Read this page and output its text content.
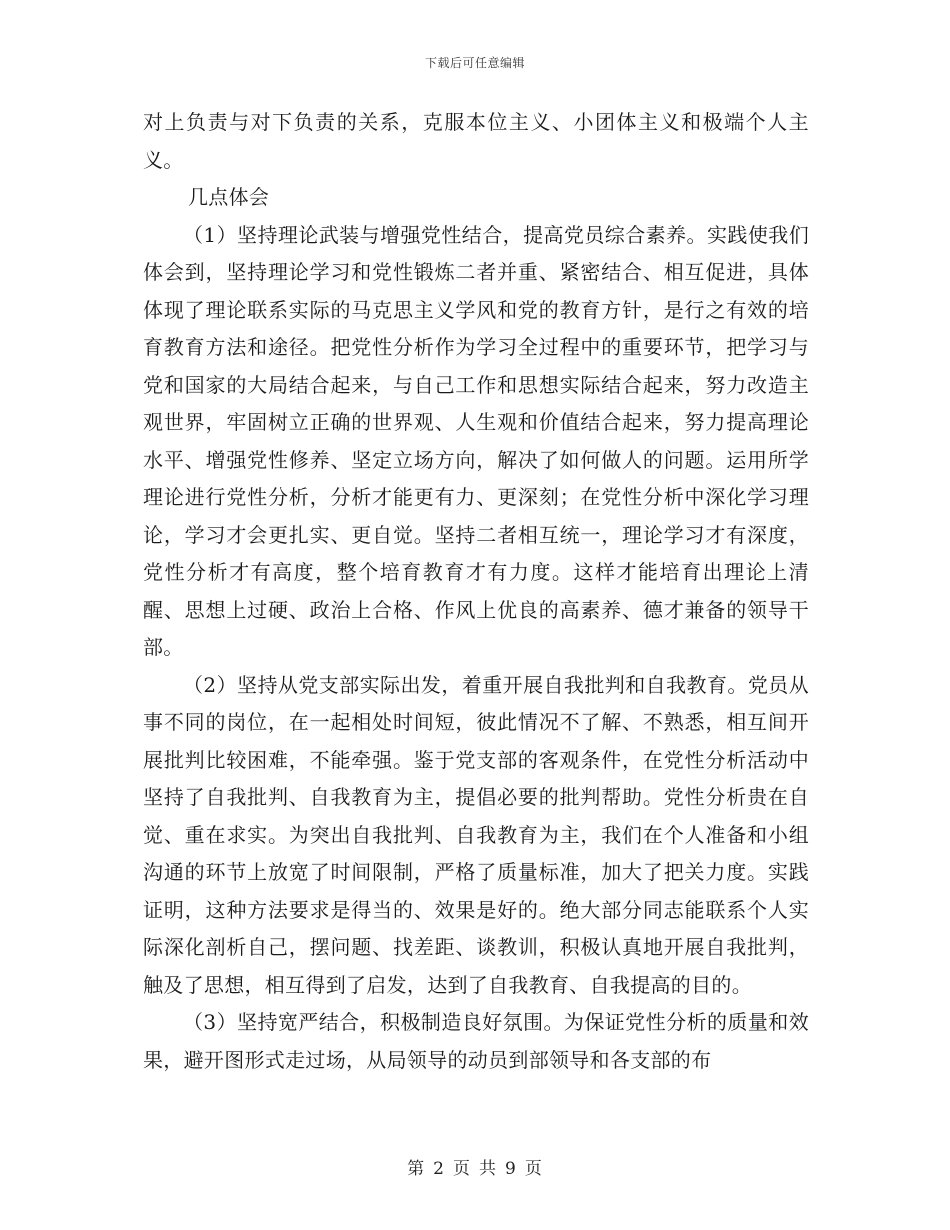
下载后可任意编辑

对上负责与对下负责的关系，克服本位主义、小团体主义和极端个人主义。

几点体会

（1）坚持理论武装与增强党性结合，提高党员综合素养。实践使我们体会到，坚持理论学习和党性锻炼二者并重、紧密结合、相互促进，具体体现了理论联系实际的马克思主义学风和党的教育方针，是行之有效的培育教育方法和途径。把党性分析作为学习全过程中的重要环节，把学习与党和国家的大局结合起来，与自己工作和思想实际结合起来，努力改造主观世界，牢固树立正确的世界观、人生观和价值结合起来，努力提高理论水平、增强党性修养、坚定立场方向，解决了如何做人的问题。运用所学理论进行党性分析，分析才能更有力、更深刻；在党性分析中深化学习理论，学习才会更扎实、更自觉。坚持二者相互统一，理论学习才有深度，党性分析才有高度，整个培育教育才有力度。这样才能培育出理论上清醒、思想上过硬、政治上合格、作风上优良的高素养、德才兼备的领导干部。

（2）坚持从党支部实际出发，着重开展自我批判和自我教育。党员从事不同的岗位，在一起相处时间短，彼此情况不了解、不熟悉，相互间开展批判比较困难，不能牵强。鉴于党支部的客观条件，在党性分析活动中坚持了自我批判、自我教育为主，提倡必要的批判帮助。党性分析贵在自觉、重在求实。为突出自我批判、自我教育为主，我们在个人准备和小组沟通的环节上放宽了时间限制，严格了质量标准，加大了把关力度。实践证明，这种方法要求是得当的、效果是好的。绝大部分同志能联系个人实际深化剖析自己，摆问题、找差距、谈教训，积极认真地开展自我批判，触及了思想，相互得到了启发，达到了自我教育、自我提高的目的。

（3）坚持宽严结合，积极制造良好氛围。为保证党性分析的质量和效果，避开图形式走过场，从局领导的动员到部领导和各支部的布

第 2 页 共 9 页
